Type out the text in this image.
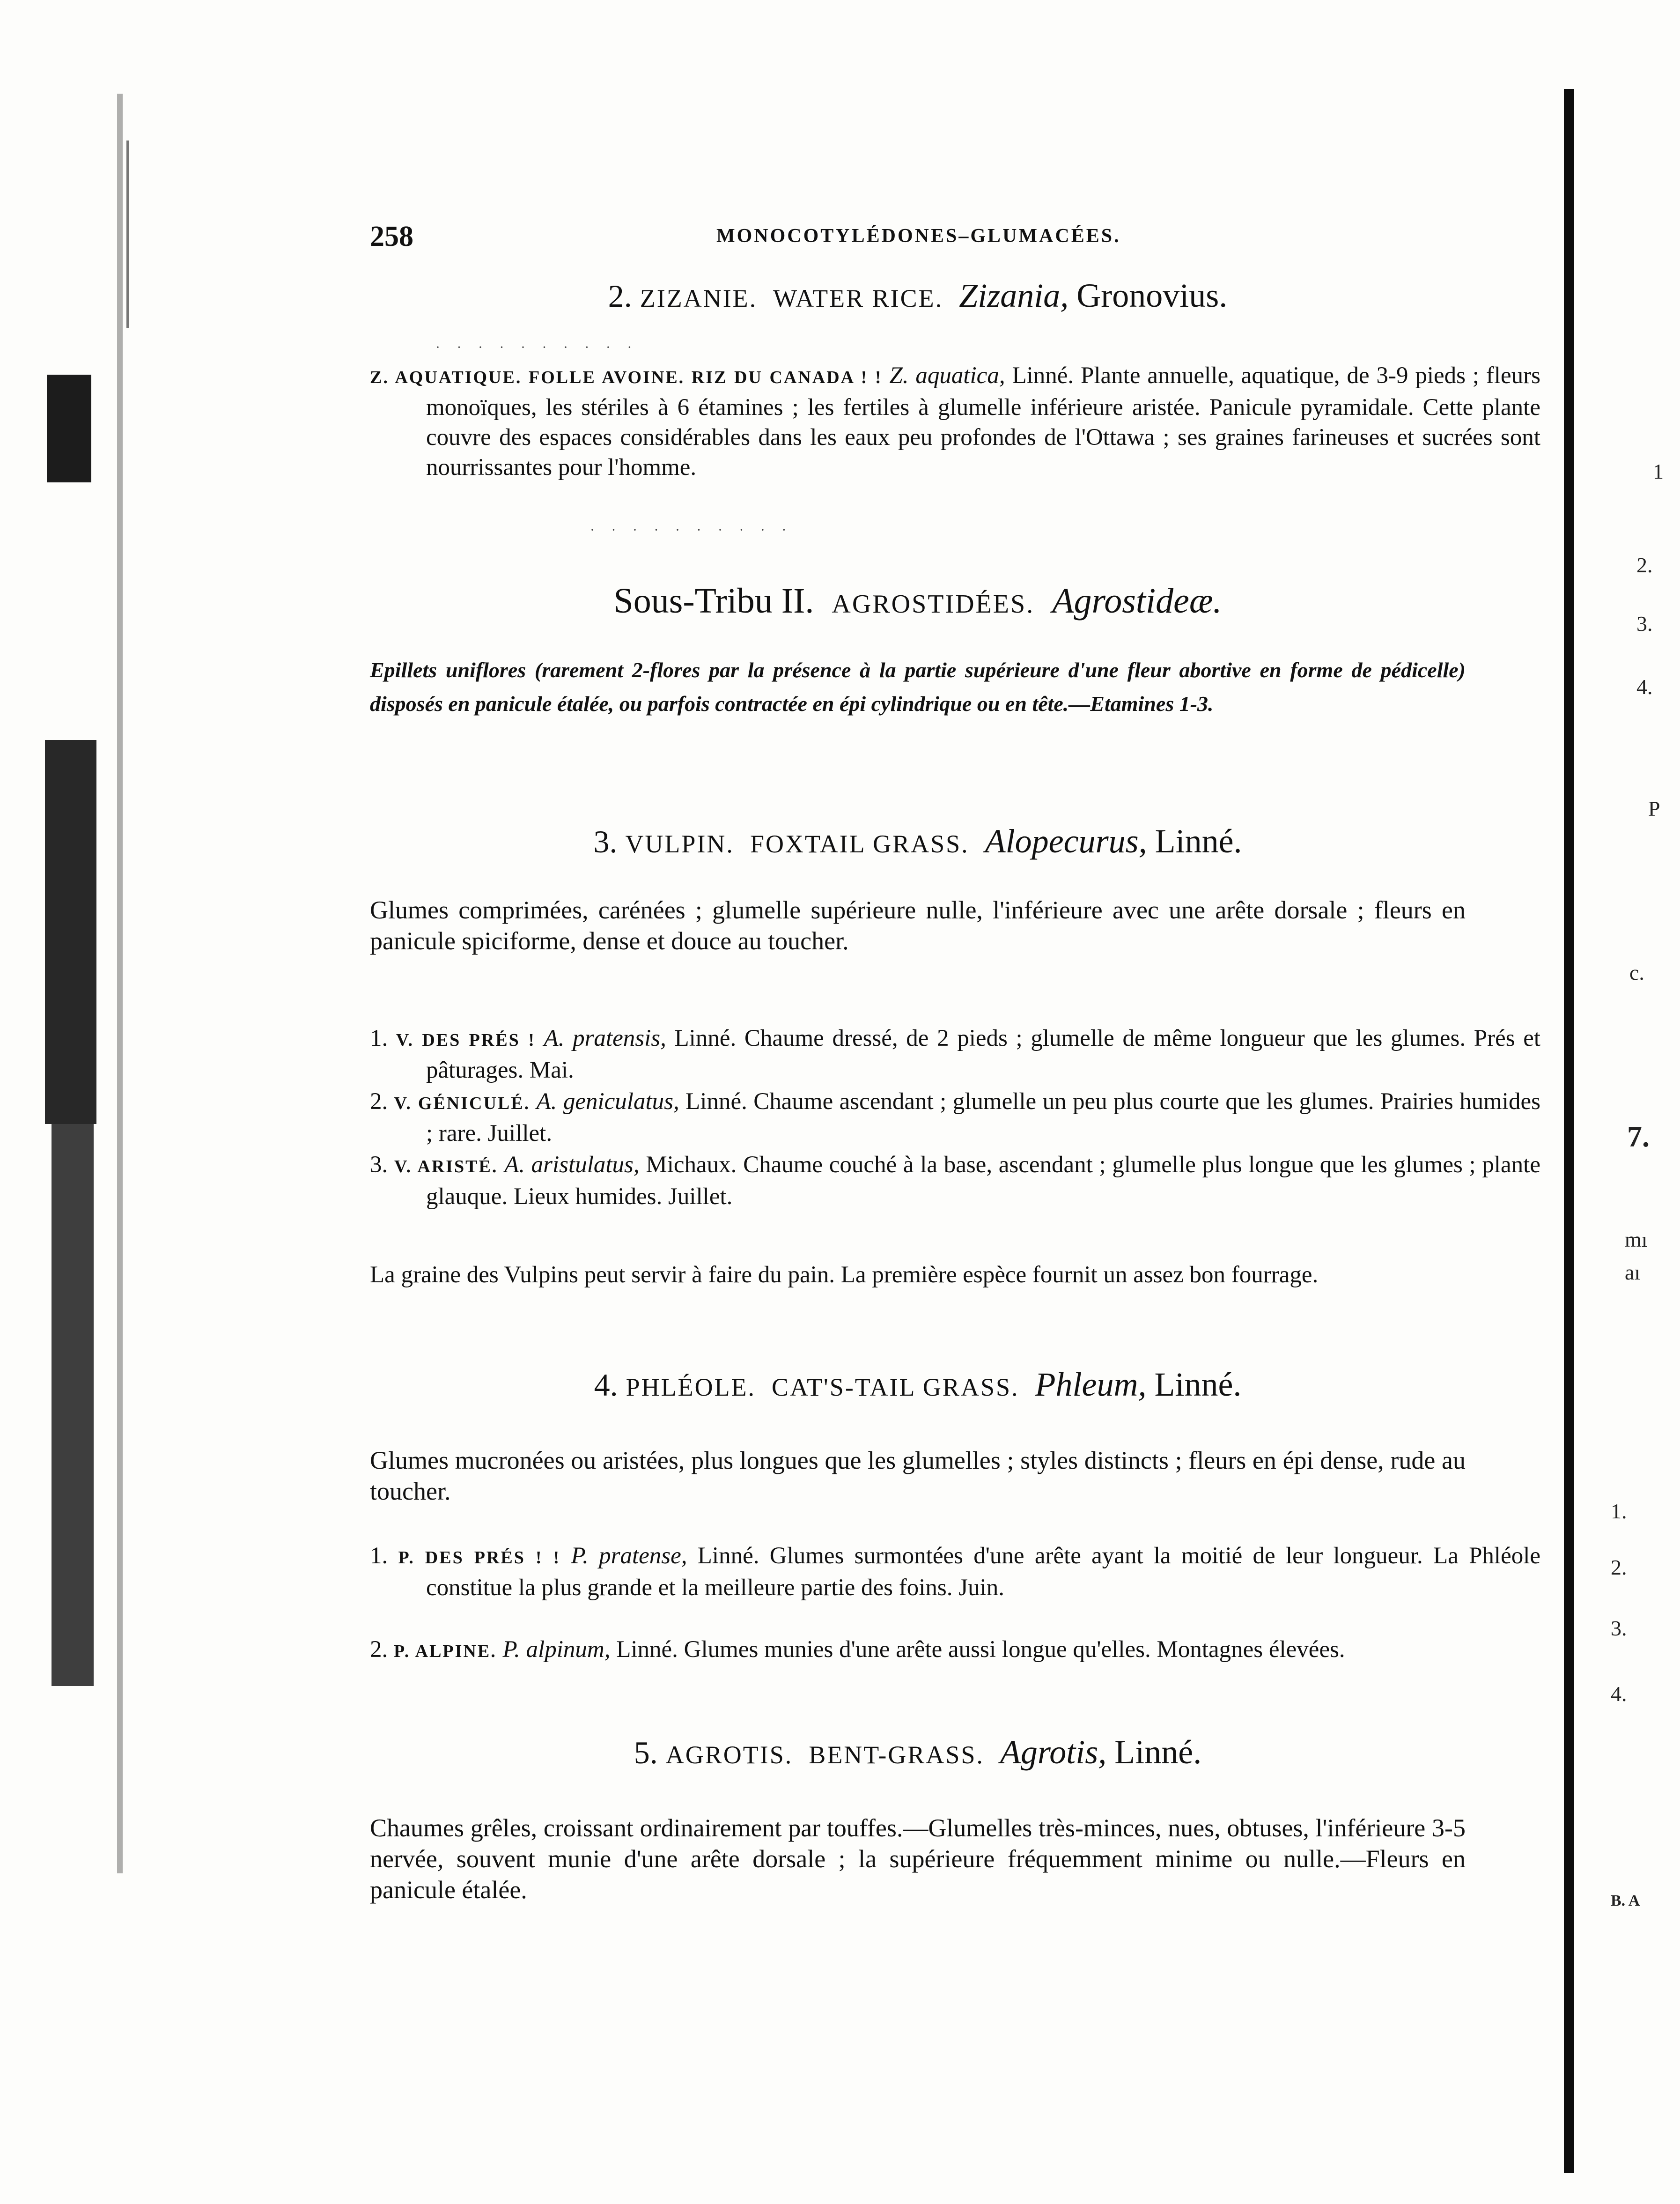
1
2.
3.
4.
P
c.
7.
mı
aı
1.
2.
3.
4.
B. A
258	MONOCOTYLÉDONES–GLUMACÉES.
2. ZIZANIE. WATER RICE. Zizania, Gronovius.
· · · · · · · · · ·
Z. AQUATIQUE. FOLLE AVOINE. RIZ DU CANADA ! ! Z. aquatica, Linné. Plante annuelle, aquatique, de 3-9 pieds ; fleurs monoïques, les stériles à 6 étamines ; les fertiles à glumelle inférieure aristée. Panicule pyramidale. Cette plante couvre des espaces considérables dans les eaux peu profondes de l'Ottawa ; ses graines farineuses et sucrées sont nourrissantes pour l'homme.
· · · · · · · · · ·
Sous-Tribu II. AGROSTIDÉES. Agrostideæ.
Epillets uniflores (rarement 2-flores par la présence à la partie supérieure d'une fleur abortive en forme de pédicelle) disposés en panicule étalée, ou parfois contractée en épi cylindrique ou en tête.—Etamines 1-3.
3. VULPIN. FOXTAIL GRASS. Alopecurus, Linné.
Glumes comprimées, carénées ; glumelle supérieure nulle, l'inférieure avec une arête dorsale ; fleurs en panicule spiciforme, dense et douce au toucher.
1. V. DES PRÉS ! A. pratensis, Linné. Chaume dressé, de 2 pieds ; glumelle de même longueur que les glumes. Prés et pâturages. Mai.
2. V. GÉNICULÉ. A. geniculatus, Linné. Chaume ascendant ; glumelle un peu plus courte que les glumes. Prairies humides ; rare. Juillet.
3. V. ARISTÉ. A. aristulatus, Michaux. Chaume couché à la base, ascendant ; glumelle plus longue que les glumes ; plante glauque. Lieux humides. Juillet.
La graine des Vulpins peut servir à faire du pain. La première espèce fournit un assez bon fourrage.
4. PHLÉOLE. CAT'S-TAIL GRASS. Phleum, Linné.
Glumes mucronées ou aristées, plus longues que les glumelles ; styles distincts ; fleurs en épi dense, rude au toucher.
1. P. DES PRÉS ! ! P. pratense, Linné. Glumes surmontées d'une arête ayant la moitié de leur longueur. La Phléole constitue la plus grande et la meilleure partie des foins. Juin.
2. P. ALPINE. P. alpinum, Linné. Glumes munies d'une arête aussi longue qu'elles. Montagnes élevées.
5. AGROTIS. BENT-GRASS. Agrotis, Linné.
Chaumes grêles, croissant ordinairement par touffes.—Glumelles très-minces, nues, obtuses, l'inférieure 3-5 nervée, souvent munie d'une arête dorsale ; la supérieure fréquemment minime ou nulle.—Fleurs en panicule étalée.
